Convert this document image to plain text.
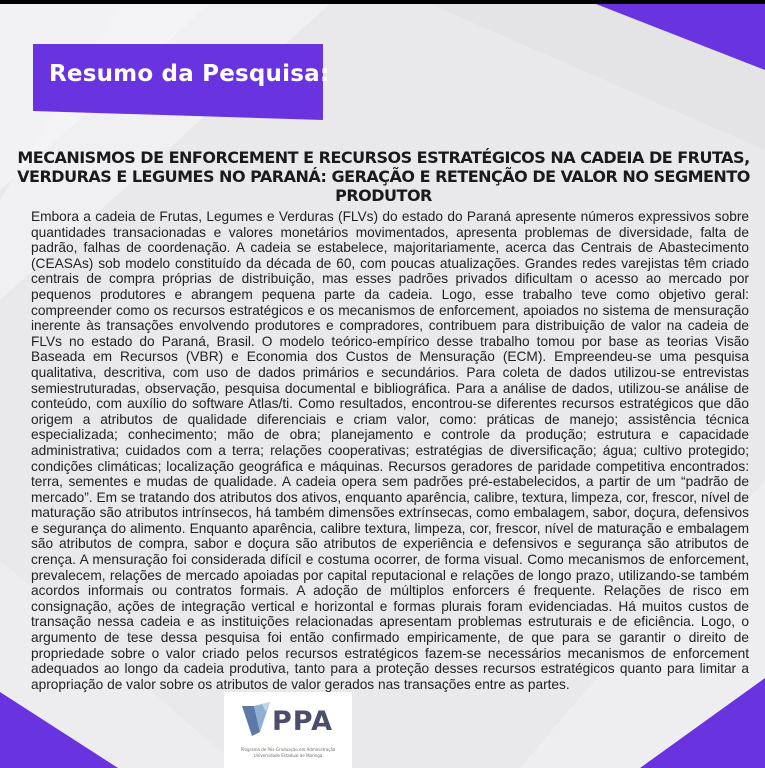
Resumo da Pesquisa:
MECANISMOS DE ENFORCEMENT E RECURSOS ESTRATÉGICOS NA CADEIA DE FRUTAS, VERDURAS E LEGUMES NO PARANÁ: GERAÇÃO E RETENÇÃO DE VALOR NO SEGMENTO PRODUTOR
Embora a cadeia de Frutas, Legumes e Verduras (FLVs) do estado do Paraná apresente números expressivos sobre quantidades transacionadas e valores monetários movimentados, apresenta problemas de diversidade, falta de padrão, falhas de coordenação. A cadeia se estabelece, majoritariamente, acerca das Centrais de Abastecimento (CEASAs) sob modelo constituído da década de 60, com poucas atualizações. Grandes redes varejistas têm criado centrais de compra próprias de distribuição, mas esses padrões privados dificultam o acesso ao mercado por pequenos produtores e abrangem pequena parte da cadeia. Logo, esse trabalho teve como objetivo geral: compreender como os recursos estratégicos e os mecanismos de enforcement, apoiados no sistema de mensuração inerente às transações envolvendo produtores e compradores, contribuem para distribuição de valor na cadeia de FLVs no estado do Paraná, Brasil. O modelo teórico-empírico desse trabalho tomou por base as teorias Visão Baseada em Recursos (VBR) e Economia dos Custos de Mensuração (ECM). Empreendeu-se uma pesquisa qualitativa, descritiva, com uso de dados primários e secundários. Para coleta de dados utilizou-se entrevistas semiestruturadas, observação, pesquisa documental e bibliográfica. Para a análise de dados, utilizou-se análise de conteúdo, com auxílio do software Atlas/ti. Como resultados, encontrou-se diferentes recursos estratégicos que dão origem a atributos de qualidade diferenciais e criam valor, como: práticas de manejo; assistência técnica especializada; conhecimento; mão de obra; planejamento e controle da produção; estrutura e capacidade administrativa; cuidados com a terra; relações cooperativas; estratégias de diversificação; água; cultivo protegido; condições climáticas; localização geográfica e máquinas. Recursos geradores de paridade competitiva encontrados: terra, sementes e mudas de qualidade. A cadeia opera sem padrões pré-estabelecidos, a partir de um “padrão de mercado”. Em se tratando dos atributos dos ativos, enquanto aparência, calibre, textura, limpeza, cor, frescor, nível de maturação são atributos intrínsecos, há também dimensões extrínsecas, como embalagem, sabor, doçura, defensivos e segurança do alimento. Enquanto aparência, calibre textura, limpeza, cor, frescor, nível de maturação e embalagem são atributos de compra, sabor e doçura são atributos de experiência e defensivos e segurança são atributos de crença. A mensuração foi considerada difícil e costuma ocorrer, de forma visual. Como mecanismos de enforcement, prevalecem, relações de mercado apoiadas por capital reputacional e relações de longo prazo, utilizando-se também acordos informais ou contratos formais. A adoção de múltiplos enforcers é frequente. Relações de risco em consignação, ações de integração vertical e horizontal e formas plurais foram evidenciadas. Há muitos custos de transação nessa cadeia e as instituições relacionadas apresentam problemas estruturais e de eficiência. Logo, o argumento de tese dessa pesquisa foi então confirmado empiricamente, de que para se garantir o direito de propriedade sobre o valor criado pelos recursos estratégicos fazem-se necessários mecanismos de enforcement adequados ao longo da cadeia produtiva, tanto para a proteção desses recursos estratégicos quanto para limitar a apropriação de valor sobre os atributos de valor gerados nas transações entre as partes.
PPA
Programa de Pós-Graduação em Administração
Universidade Estadual de Maringá
